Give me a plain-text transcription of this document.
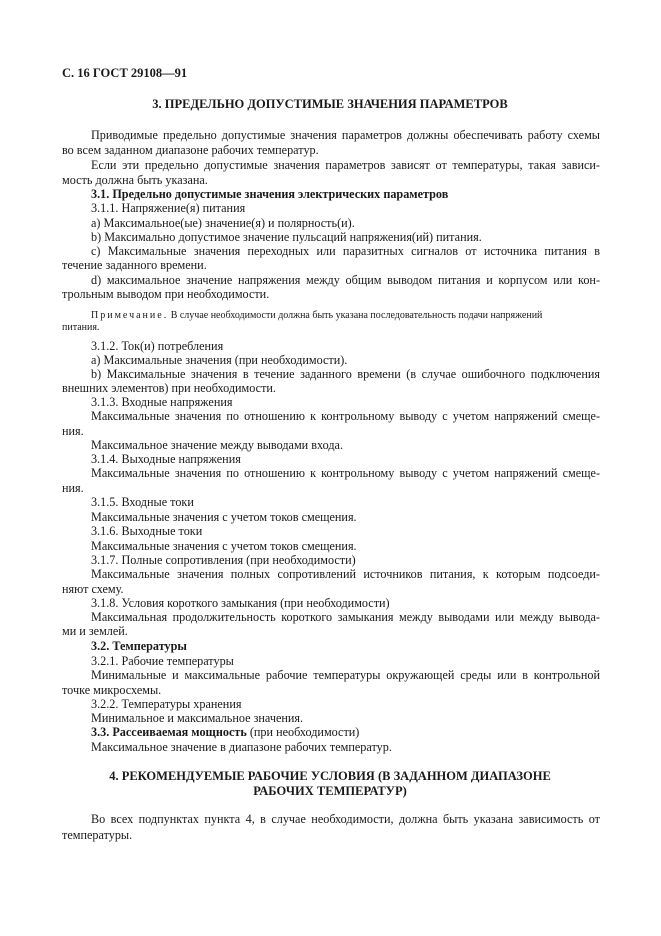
С. 16 ГОСТ 29108—91
3. ПРЕДЕЛЬНО ДОПУСТИМЫЕ ЗНАЧЕНИЯ ПАРАМЕТРОВ
Приводимые предельно допустимые значения параметров должны обеспечивать работу схемы
во всем заданном диапазоне рабочих температур.
Если эти предельно допустимые значения параметров зависят от температуры, такая зависи-
мость должна быть указана.
3.1. Предельно допустимые значения электрических параметров
3.1.1. Напряжение(я) питания
a) Максимальное(ые) значение(я) и полярность(и).
b) Максимально допустимое значение пульсаций напряжения(ий) питания.
c) Максимальные значения переходных или паразитных сигналов от источника питания в
течение заданного времени.
d) максимальное значение напряжения между общим выводом питания и корпусом или кон-
трольным выводом при необходимости.
Примечание. В случае необходимости должна быть указана последовательность подачи напряжений
питания.
3.1.2. Ток(и) потребления
a) Максимальные значения (при необходимости).
b) Максимальные значения в течение заданного времени (в случае ошибочного подключения
внешних элементов) при необходимости.
3.1.3. Входные напряжения
Максимальные значения по отношению к контрольному выводу с учетом напряжений смеще-
ния.
Максимальное значение между выводами входа.
3.1.4. Выходные напряжения
Максимальные значения по отношению к контрольному выводу с учетом напряжений смеще-
ния.
3.1.5. Входные токи
Максимальные значения с учетом токов смещения.
3.1.6. Выходные токи
Максимальные значения с учетом токов смещения.
3.1.7. Полные сопротивления (при необходимости)
Максимальные значения полных сопротивлений источников питания, к которым подсоеди-
няют схему.
3.1.8. Условия короткого замыкания (при необходимости)
Максимальная продолжительность короткого замыкания между выводами или между вывода-
ми и землей.
3.2. Температуры
3.2.1. Рабочие температуры
Минимальные и максимальные рабочие температуры окружающей среды или в контрольной
точке микросхемы.
3.2.2. Температуры хранения
Минимальное и максимальное значения.
3.3. Рассеиваемая мощность (при необходимости)
Максимальное значение в диапазоне рабочих температур.
4. РЕКОМЕНДУЕМЫЕ РАБОЧИЕ УСЛОВИЯ (В ЗАДАННОМ ДИАПАЗОНЕ
РАБОЧИХ ТЕМПЕРАТУР)
Во всех подпунктах пункта 4, в случае необходимости, должна быть указана зависимость от
температуры.
